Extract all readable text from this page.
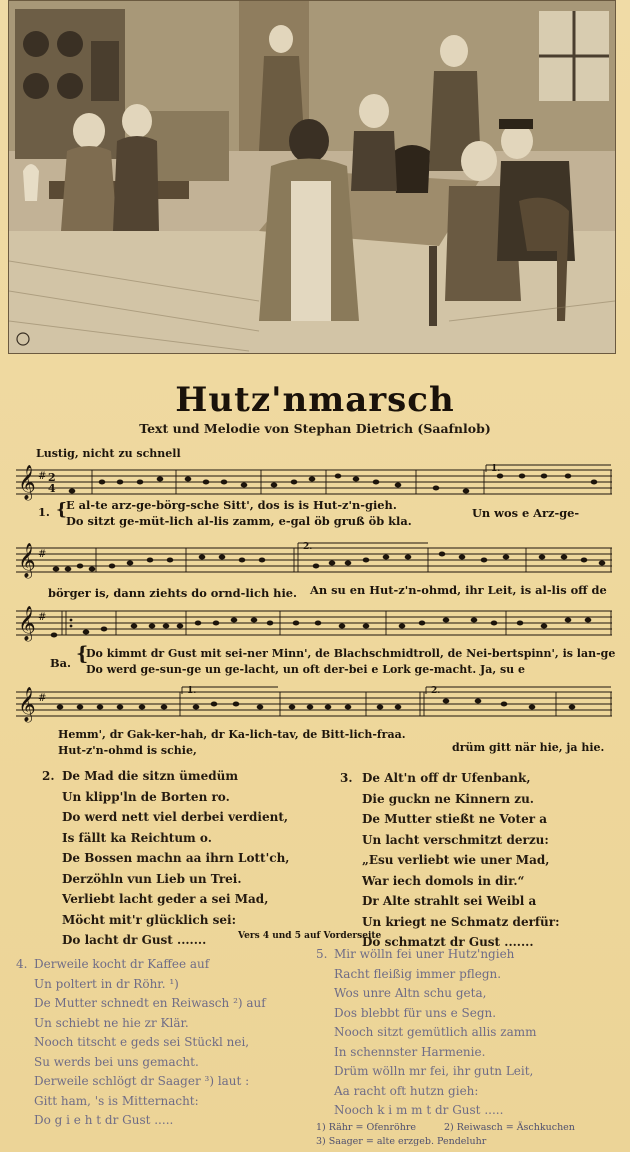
Hutz'nmarsch
Text und Melodie von Stephan Dietrich (Saafnlob)
Lustig, nicht zu schnell
𝄞 # 2
4
1.
1. { E al-te arz-ge-börg-sche Sitt', dos is is Hut-z'n-gieh.
Do sitzt ge-müt-lich al-lis zamm, e-gal öb gruß öb kla.
Un wos e Arz-ge-
𝄞 #
2.
börger is, dann ziehts do ornd-lich hie. An su en Hut-z'n-ohmd, ihr Leit, is al-lis off de
𝄞 #
Ba. {
Do kimmt dr Gust mit sei-ner Minn', de Blachschmidtroll, de Nei-bertspinn', is lan-ge
Do werd ge-sun-ge un ge-lacht, un oft der-bei e Lork ge-macht. Ja, su e
𝄞 #
1.	2.
Hemm', dr Gak-ker-hah, dr Ka-lich-tav, de Bitt-lich-fraa.
Hut-z'n-ohmd is schie,	drüm gitt när hie, ja hie.
2. De Mad die sitzn ümedüm
Un klipp'ln de Borten ro.
Do werd nett viel derbei verdient,
Is fällt ka Reichtum o.
De Bossen machn aa ihrn Lott'ch,
Derzöhln vun Lieb un Trei.
Verliebt lacht geder a sei Mad,
Möcht mit'r glücklich sei:
Do lacht dr Gust .......
3. De Alt'n off dr Ufenbank,
Die guckn ne Kinnern zu.
De Mutter stießt ne Voter a
Un lacht verschmitzt derzu:
„Esu verliebt wie uner Mad,
War iech domols in dir.“
Dr Alte strahlt sei Weibl a
Un kriegt ne Schmatz derfür:
Do schmatzt dr Gust .......
Vers 4 und 5 auf Vorderseite
4. Derweile kocht dr Kaffee auf
Un poltert in dr Röhr. ¹)
De Mutter schnedt en Reiwasch ²) auf
Un schiebt ne hie zr Klär.
Nooch titscht e geds sei Stückl nei,
Su werds bei uns gemacht.
Derweile schlögt dr Saager ³) laut :
Gitt ham, 's is Mitternacht:
Do g i e h t dr Gust .....
5. Mir wölln fei uner Hutz'ngieh
Racht fleißig immer pflegn.
Wos unre Altn schu geta,
Dos blebbt für uns e Segn.
Nooch sitzt gemütlich allis zamm
In schennster Harmenie.
Drüm wölln mr fei, ihr gutn Leit,
Aa racht oft hutzn gieh:
Nooch k i m m t dr Gust .....
1) Rähr = Ofenröhre	2) Reiwasch = Äschkuchen
3) Saager = alte erzgeb. Pendeluhr
